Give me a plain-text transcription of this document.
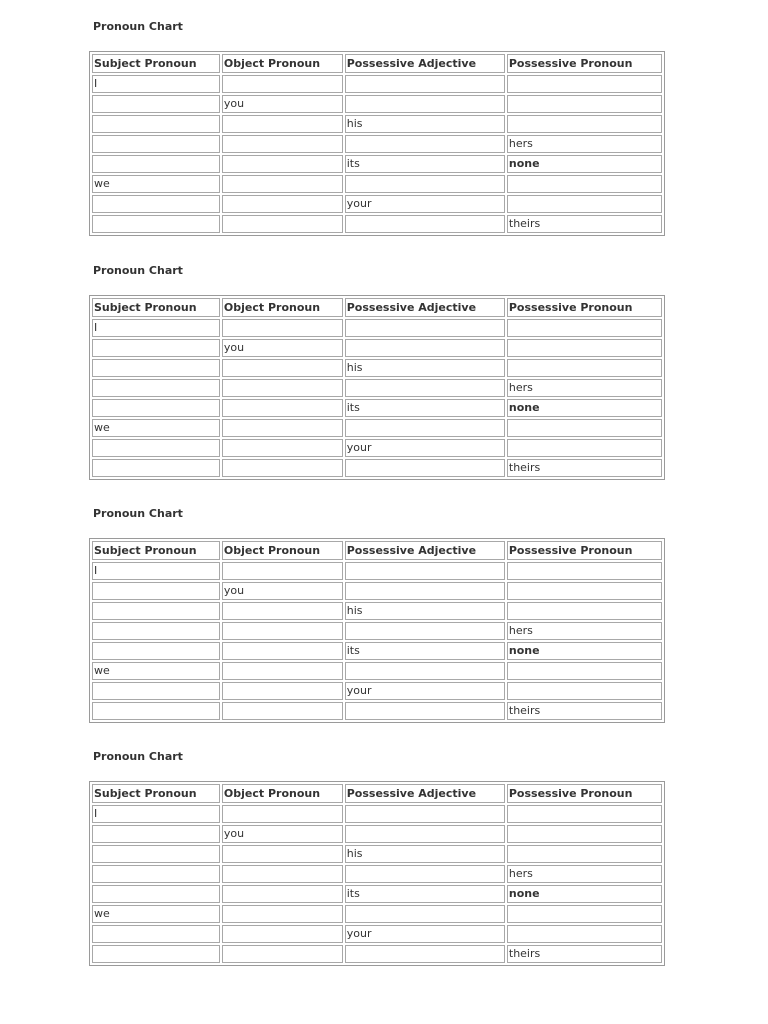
Pronoun Chart
Subject Pronoun	Object Pronoun	Possessive Adjective	Possessive Pronoun
I			
	you		
		his	
			hers
		its	none
we			
		your	
			theirs
Pronoun Chart
Subject Pronoun	Object Pronoun	Possessive Adjective	Possessive Pronoun
I			
	you		
		his	
			hers
		its	none
we			
		your	
			theirs
Pronoun Chart
Subject Pronoun	Object Pronoun	Possessive Adjective	Possessive Pronoun
I			
	you		
		his	
			hers
		its	none
we			
		your	
			theirs
Pronoun Chart
Subject Pronoun	Object Pronoun	Possessive Adjective	Possessive Pronoun
I			
	you		
		his	
			hers
		its	none
we			
		your	
			theirs
